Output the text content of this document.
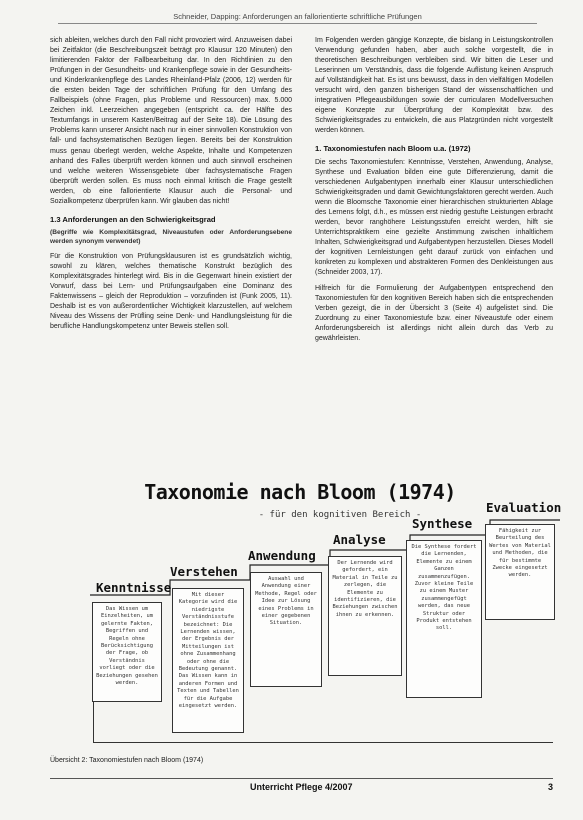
Schneider, Dapping: Anforderungen an fallorientierte schriftliche Prüfungen

sich ableiten, welches durch den Fall nicht provoziert wird. Anzuweisen dabei bei Zeitfaktor (die Beschreibungszeit beträgt pro Klausur 120 Minuten) den limitierenden Faktor der Fallbearbeitung dar. In den Richtlinien zu den Prüfungen in der Gesundheits- und Krankenpflege sowie in der Gesundheits- und Kinderkrankenpflege des Landes Rheinland-Pfalz (2006, 12) werden für die ersten beiden Tage der schriftlichen Prüfung für den Umfang des Fallbeispiels (ohne Fragen, plus Probleme und Ressourcen) max. 5.000 Zeichen inkl. Leerzeichen angegeben (entspricht ca. der Hälfte des Textumfangs in unserem Kasten/Beitrag auf der Seite 18). Die Lösung des Problems kann unserer Ansicht nach nur in einer sinnvollen Konstruktion von fall- und fachsystematischen Bezügen liegen. Bereits bei der Konstruktion muss genau überlegt werden, welche Aspekte, Inhalte und Kompetenzen anhand des Falles überprüft werden können und auch sinnvoll erscheinen und welche weiteren Wissensgebiete über fachsystematische Fragen überprüft werden sollen. Es muss noch einmal kritisch die Frage gestellt werden, ob eine fallorientierte Klausur auch die Personal- und Sozialkompetenz überprüfen kann. Wir glauben das nicht!

1.3 Anforderungen an den Schwierigkeitsgrad
(Begriffe wie Komplexitätsgrad, Niveaustufen oder Anforderungsebene werden synonym verwendet)

Für die Konstruktion von Prüfungsklausuren ist es grundsätzlich wichtig, sowohl zu klären, welches thematische Konstrukt bezüglich des Komplexitätsgrades hinterlegt wird. Bis in die Gegenwart hinein existiert der Vorwurf, dass bei Lern- und Prüfungsaufgaben eine Dominanz des Faktenwissens – gleich der Reproduktion – vorzufinden ist (Funk 2005, 11). Deshalb ist es von außerordentlicher Wichtigkeit klarzustellen, auf welchem Niveau des Wissens der Prüfling seine Denk- und Handlungsleistung für die berufliche Handlungskompetenz unter Beweis stellen soll.

Im Folgenden werden gängige Konzepte, die bislang in Leistungskontrollen Verwendung gefunden haben, aber auch solche vorgestellt, die in theoretischen Beschreibungen verbleiben sind. Wir bitten die Leser und Leserinnen um Verständnis, dass die folgende Auflistung keinen Anspruch auf Vollständigkeit hat. Es ist uns bewusst, dass in den vielfältigen Modellen versucht wird, den ganzen bisherigen Stand der wissenschaftlichen und integrativen Pflegeausbildungen sowie der curricularen Modellversuchen eigene Konzepte zur Überprüfung der Komplexität bzw. des Schwierigkeitsgrades zu entwickeln, die aus Platzgründen nicht vorgestellt werden können.

1. Taxonomiestufen nach Bloom u.a. (1972)

Die sechs Taxonomiestufen: Kenntnisse, Verstehen, Anwendung, Analyse, Synthese und Evaluation bilden eine gute Differenzierung, damit die verschiedenen Aufgabentypen innerhalb einer Klausur unterschiedlichen Schwierigkeitsgraden und damit Gewichtungsfaktoren gerecht werden. Auch wenn die Bloomsche Taxonomie einer hierarchischen strukturierten Ablage des Lernens folgt, d.h., es müssen erst niedrig gestufte Leistungen erbracht werden, bevor ranghöhere Leistungsstufen erreicht werden, hilft sie Unterrichtspraktikern eine gezielte Anstimmung zwischen inhaltlichem Inhalten, Schwierigkeitsgrad und Aufgabentypen herzustellen. Dieses Modell der kognitiven Lernleistungen geht darauf zurück von einfachen und konkreten zu komplexen und abstrakteren Formen des Denkleistungen aus (Schneider 2003, 17).

Hilfreich für die Formulierung der Aufgabentypen entsprechend den Taxonomiestufen für den kognitiven Bereich haben sich die entsprechenden Verben gezeigt, die in der Übersicht 3 (Seite 4) aufgelistet sind. Die Zuordnung zu einer Taxonomiestufe bzw. einer Niveaustufe oder einem Anforderungsbereich ist allerdings nicht allein durch das Verb zu gewährleisten.

Taxonomie nach Bloom (1974)
- für den kognitiven Bereich -
Kenntnisse
Das Wissen um Einzelheiten, um gelernte Fakten, Begriffen und Regeln ohne Berücksichtigung der Frage, ob Verständnis vorliegt oder die Beziehungen gesehen werden.
Verstehen
Mit dieser Kategorie wird die niedrigste Verständnisstufe bezeichnet: Die Lernenden wissen, der Ergebnis der Mitteilungen ist ohne Zusammenhang oder ohne die Bedeutung genannt. Das Wissen kann in anderen Formen und Texten und Tabellen für die Aufgabe eingesetzt werden.
Anwendung
Auswahl und Anwendung einer Methode, Regel oder Idee zur Lösung eines Problems in einer gegebenen Situation.
Analyse
Der Lernende wird gefordert, ein Material in Teile zu zerlegen, die Elemente zu identifizieren, die Beziehungen zwischen ihnen zu erkennen.
Synthese
Die Synthese fordert die Lernenden, Elemente zu einem Ganzen zusammenzufügen. Zuvor kleine Teile zu einem Muster zusammengefügt werden, das neue Struktur oder Produkt entstehen soll.
Evaluation
Fähigkeit zur Beurteilung des Wertes von Material und Methoden, die für bestimmte Zwecke eingesetzt werden.
Übersicht 2: Taxonomiestufen nach Bloom (1974)
Unterricht Pflege 4/2007	3
